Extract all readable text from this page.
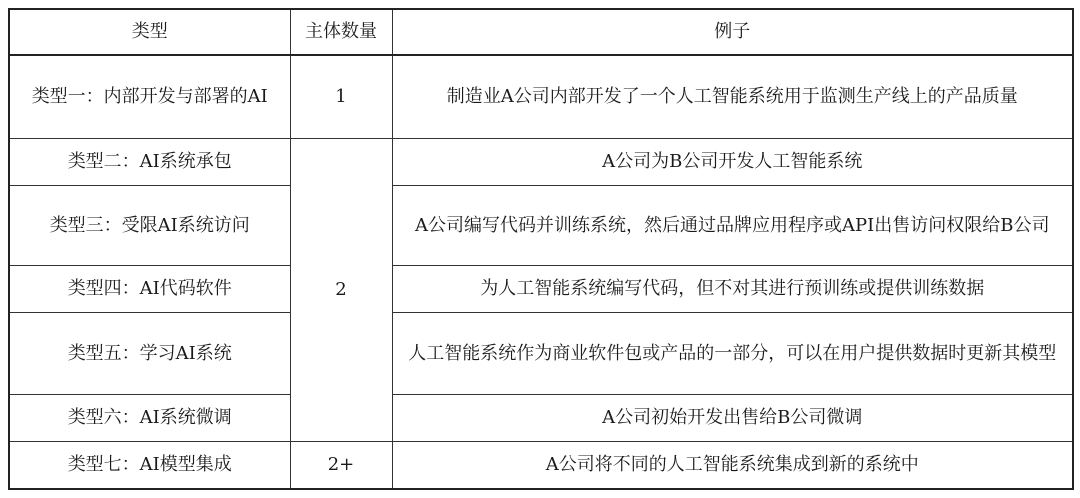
类型	主体数量	例子
类型一：内部开发与部署的AI	1	制造业A公司内部开发了一个人工智能系统用于监测生产线上的产品质量
类型二：AI系统承包	2	A公司为B公司开发人工智能系统
类型三：受限AI系统访问		A公司编写代码并训练系统，然后通过品牌应用程序或API出售访问权限给B公司
类型四：AI代码软件		为人工智能系统编写代码，但不对其进行预训练或提供训练数据
类型五：学习AI系统		人工智能系统作为商业软件包或产品的一部分，可以在用户提供数据时更新其模型
类型六：AI系统微调		A公司初始开发出售给B公司微调
类型七：AI模型集成	2+	A公司将不同的人工智能系统集成到新的系统中
